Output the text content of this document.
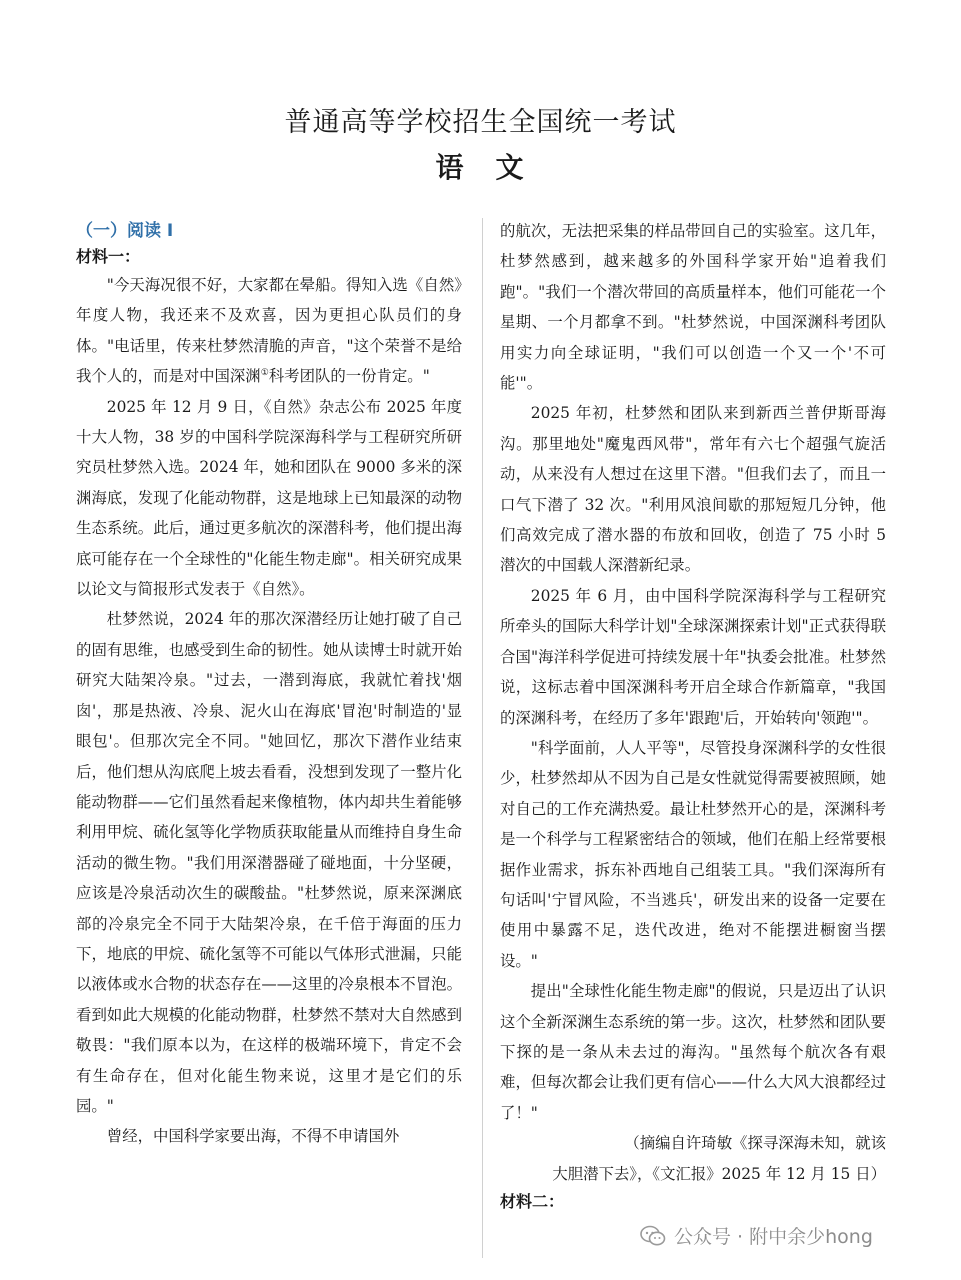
普通高等学校招生全国统一考试
语　文
（一）阅读 I
材料一：

"今天海况很不好，大家都在晕船。得知入选《自然》年度人物，我还来不及欢喜，因为更担心队员们的身体。"电话里，传来杜梦然清脆的声音，"这个荣誉不是给我个人的，而是对中国深渊①科考团队的一份肯定。"

2025 年 12 月 9 日，《自然》杂志公布 2025 年度十大人物，38 岁的中国科学院深海科学与工程研究所研究员杜梦然入选。2024 年，她和团队在 9000 多米的深渊海底，发现了化能动物群，这是地球上已知最深的动物生态系统。此后，通过更多航次的深潜科考，他们提出海底可能存在一个全球性的"化能生物走廊"。相关研究成果以论文与简报形式发表于《自然》。

杜梦然说，2024 年的那次深潜经历让她打破了自己的固有思维，也感受到生命的韧性。她从读博士时就开始研究大陆架冷泉。"过去，一潜到海底，我就忙着找'烟囱'，那是热液、冷泉、泥火山在海底'冒泡'时制造的'显眼包'。但那次完全不同。"她回忆，那次下潜作业结束后，他们想从沟底爬上坡去看看，没想到发现了一整片化能动物群——它们虽然看起来像植物，体内却共生着能够利用甲烷、硫化氢等化学物质获取能量从而维持自身生命活动的微生物。"我们用深潜器碰了碰地面，十分坚硬，应该是冷泉活动次生的碳酸盐。"杜梦然说，原来深渊底部的冷泉完全不同于大陆架冷泉，在千倍于海面的压力下，地底的甲烷、硫化氢等不可能以气体形式泄漏，只能以液体或水合物的状态存在——这里的冷泉根本不冒泡。看到如此大规模的化能动物群，杜梦然不禁对大自然感到敬畏："我们原本以为，在这样的极端环境下，肯定不会有生命存在，但对化能生物来说，这里才是它们的乐园。"

曾经，中国科学家要出海，不得不申请国外

的航次，无法把采集的样品带回自己的实验室。这几年，杜梦然感到，越来越多的外国科学家开始"追着我们跑"。"我们一个潜次带回的高质量样本，他们可能花一个星期、一个月都拿不到。"杜梦然说，中国深渊科考团队用实力向全球证明，"我们可以创造一个又一个'不可能'"。

2025 年初，杜梦然和团队来到新西兰普伊斯哥海沟。那里地处"魔鬼西风带"，常年有六七个超强气旋活动，从来没有人想过在这里下潜。"但我们去了，而且一口气下潜了 32 次。"利用风浪间歇的那短短几分钟，他们高效完成了潜水器的布放和回收，创造了 75 小时 5 潜次的中国载人深潜新纪录。

2025 年 6 月，由中国科学院深海科学与工程研究所牵头的国际大科学计划"全球深渊探索计划"正式获得联合国"海洋科学促进可持续发展十年"执委会批准。杜梦然说，这标志着中国深渊科考开启全球合作新篇章，"我国的深渊科考，在经历了多年'跟跑'后，开始转向'领跑'"。

"科学面前，人人平等"，尽管投身深渊科学的女性很少，杜梦然却从不因为自己是女性就觉得需要被照顾，她对自己的工作充满热爱。最让杜梦然开心的是，深渊科考是一个科学与工程紧密结合的领域，他们在船上经常要根据作业需求，拆东补西地自己组装工具。"我们深海所有句话叫'宁冒风险，不当逃兵'，研发出来的设备一定要在使用中暴露不足，迭代改进，绝对不能摆进橱窗当摆设。"

提出"全球性化能生物走廊"的假说，只是迈出了认识这个全新深渊生态系统的第一步。这次，杜梦然和团队要下探的是一条从未去过的海沟。"虽然每个航次各有艰难，但每次都会让我们更有信心——什么大风大浪都经过了！"

（摘编自许琦敏《探寻深海未知，就该
大胆潜下去》，《文汇报》2025 年 12 月 15 日）
材料二：
公众号 · 附中余少hong
